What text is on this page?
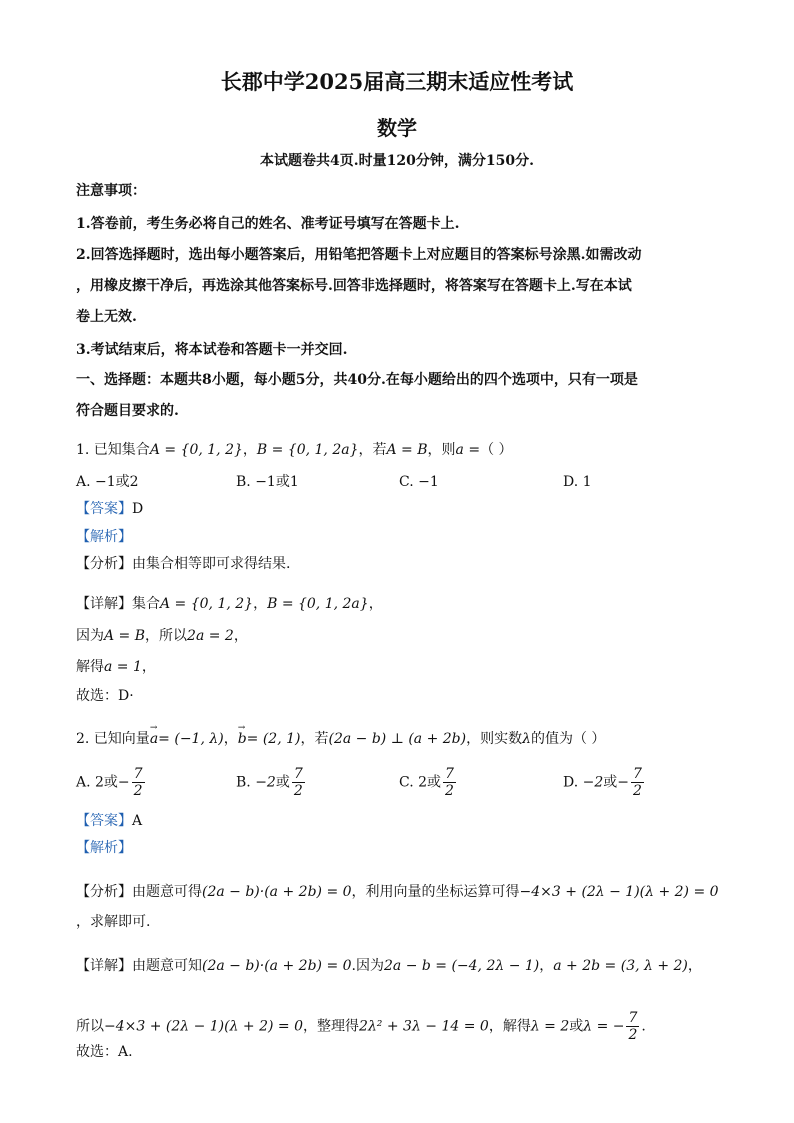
长郡中学2025届高三期末适应性考试
数学
本试题卷共4页.时量120分钟，满分150分.
注意事项：
1.答卷前，考生务必将自己的姓名、准考证号填写在答题卡上.
2.回答选择题时，选出每小题答案后，用铅笔把答题卡上对应题目的答案标号涂黑.如需改动
，用橡皮擦干净后，再选涂其他答案标号.回答非选择题时，将答案写在答题卡上.写在本试
卷上无效.
3.考试结束后，将本试卷和答题卡一并交回.
一、选择题：本题共8小题，每小题5分，共40分.在每小题给出的四个选项中，只有一项是
符合题目要求的.
1. 已知集合A = {0, 1, 2}，B = {0, 1, 2a}，若A = B，则a =（ ）
A. −1或2	B. −1或1	C. −1	D. 1
【答案】D
【解析】
【分析】由集合相等即可求得结果.
【详解】集合A = {0, 1, 2}，B = {0, 1, 2a}，
因为A = B，所以2a = 2，
解得a = 1，
故选：D·
2. 已知向量→ a= (−1, λ)，→ b= (2, 1)，若(2a − b) ⊥ (a + 2b)，则实数λ的值为（ ）
A. 2或− $\frac{7}{2}$	B. −2或 $\frac{7}{2}$	C. 2或 $\frac{7}{2}$	D. −2或− $\frac{7}{2}$
【答案】A
【解析】
【分析】由题意可得(2a − b)·(a + 2b) = 0，利用向量的坐标运算可得−4×3 + (2λ − 1)(λ + 2) = 0
，求解即可.
【详解】由题意可知(2a − b)·(a + 2b) = 0.因为2a − b = (−4, 2λ − 1)，a + 2b = (3, λ + 2)，
所以−4×3 + (2λ − 1)(λ + 2) = 0，整理得2λ² + 3λ − 14 = 0，解得λ = 2或λ = − $\frac{7}{2}$ .
故选：A.
